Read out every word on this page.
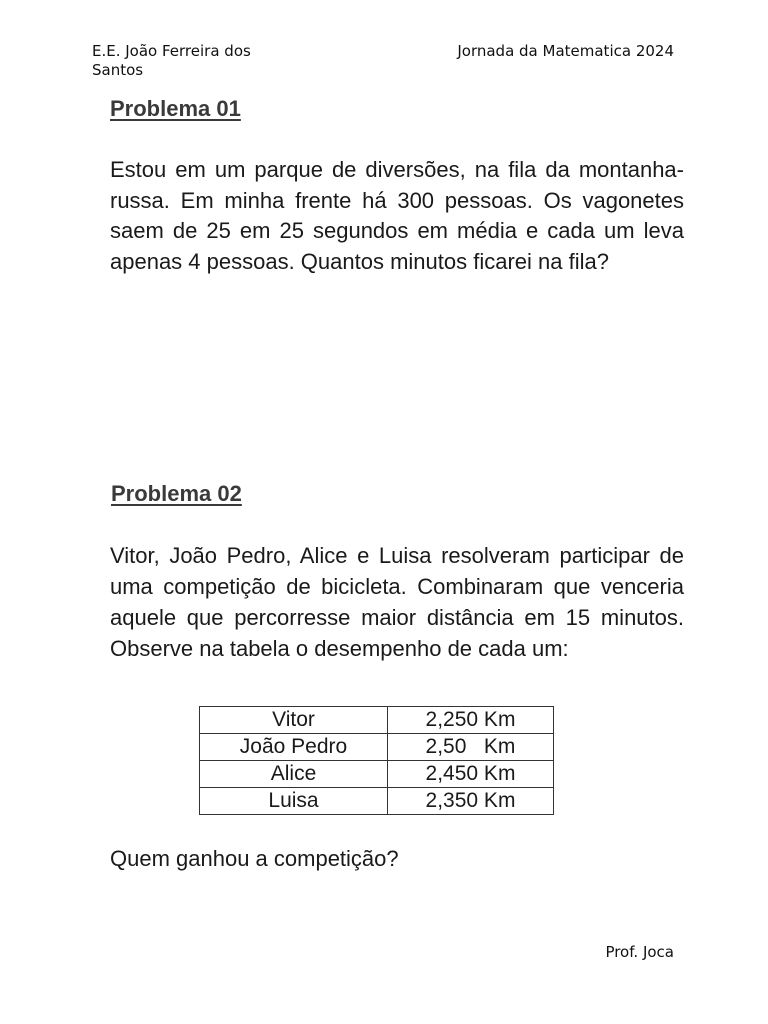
E.E. João Ferreira dos Santos
Jornada da Matematica 2024
Problema 01
Estou em um parque de diversões, na fila da montanha-russa. Em minha frente há 300 pessoas. Os vagonetes saem de 25 em 25 segundos em média e cada um leva apenas 4 pessoas. Quantos minutos ficarei na fila?
Problema 02
Vitor, João Pedro, Alice e Luisa resolveram participar de uma competição de bicicleta. Combinaram que venceria aquele que percorresse maior distância em 15 minutos. Observe na tabela o desempenho de cada um:
Vitor	2,250 Km
João Pedro	2,50   Km
Alice	2,450 Km
Luisa	2,350 Km
Quem ganhou a competição?
Prof. Joca
